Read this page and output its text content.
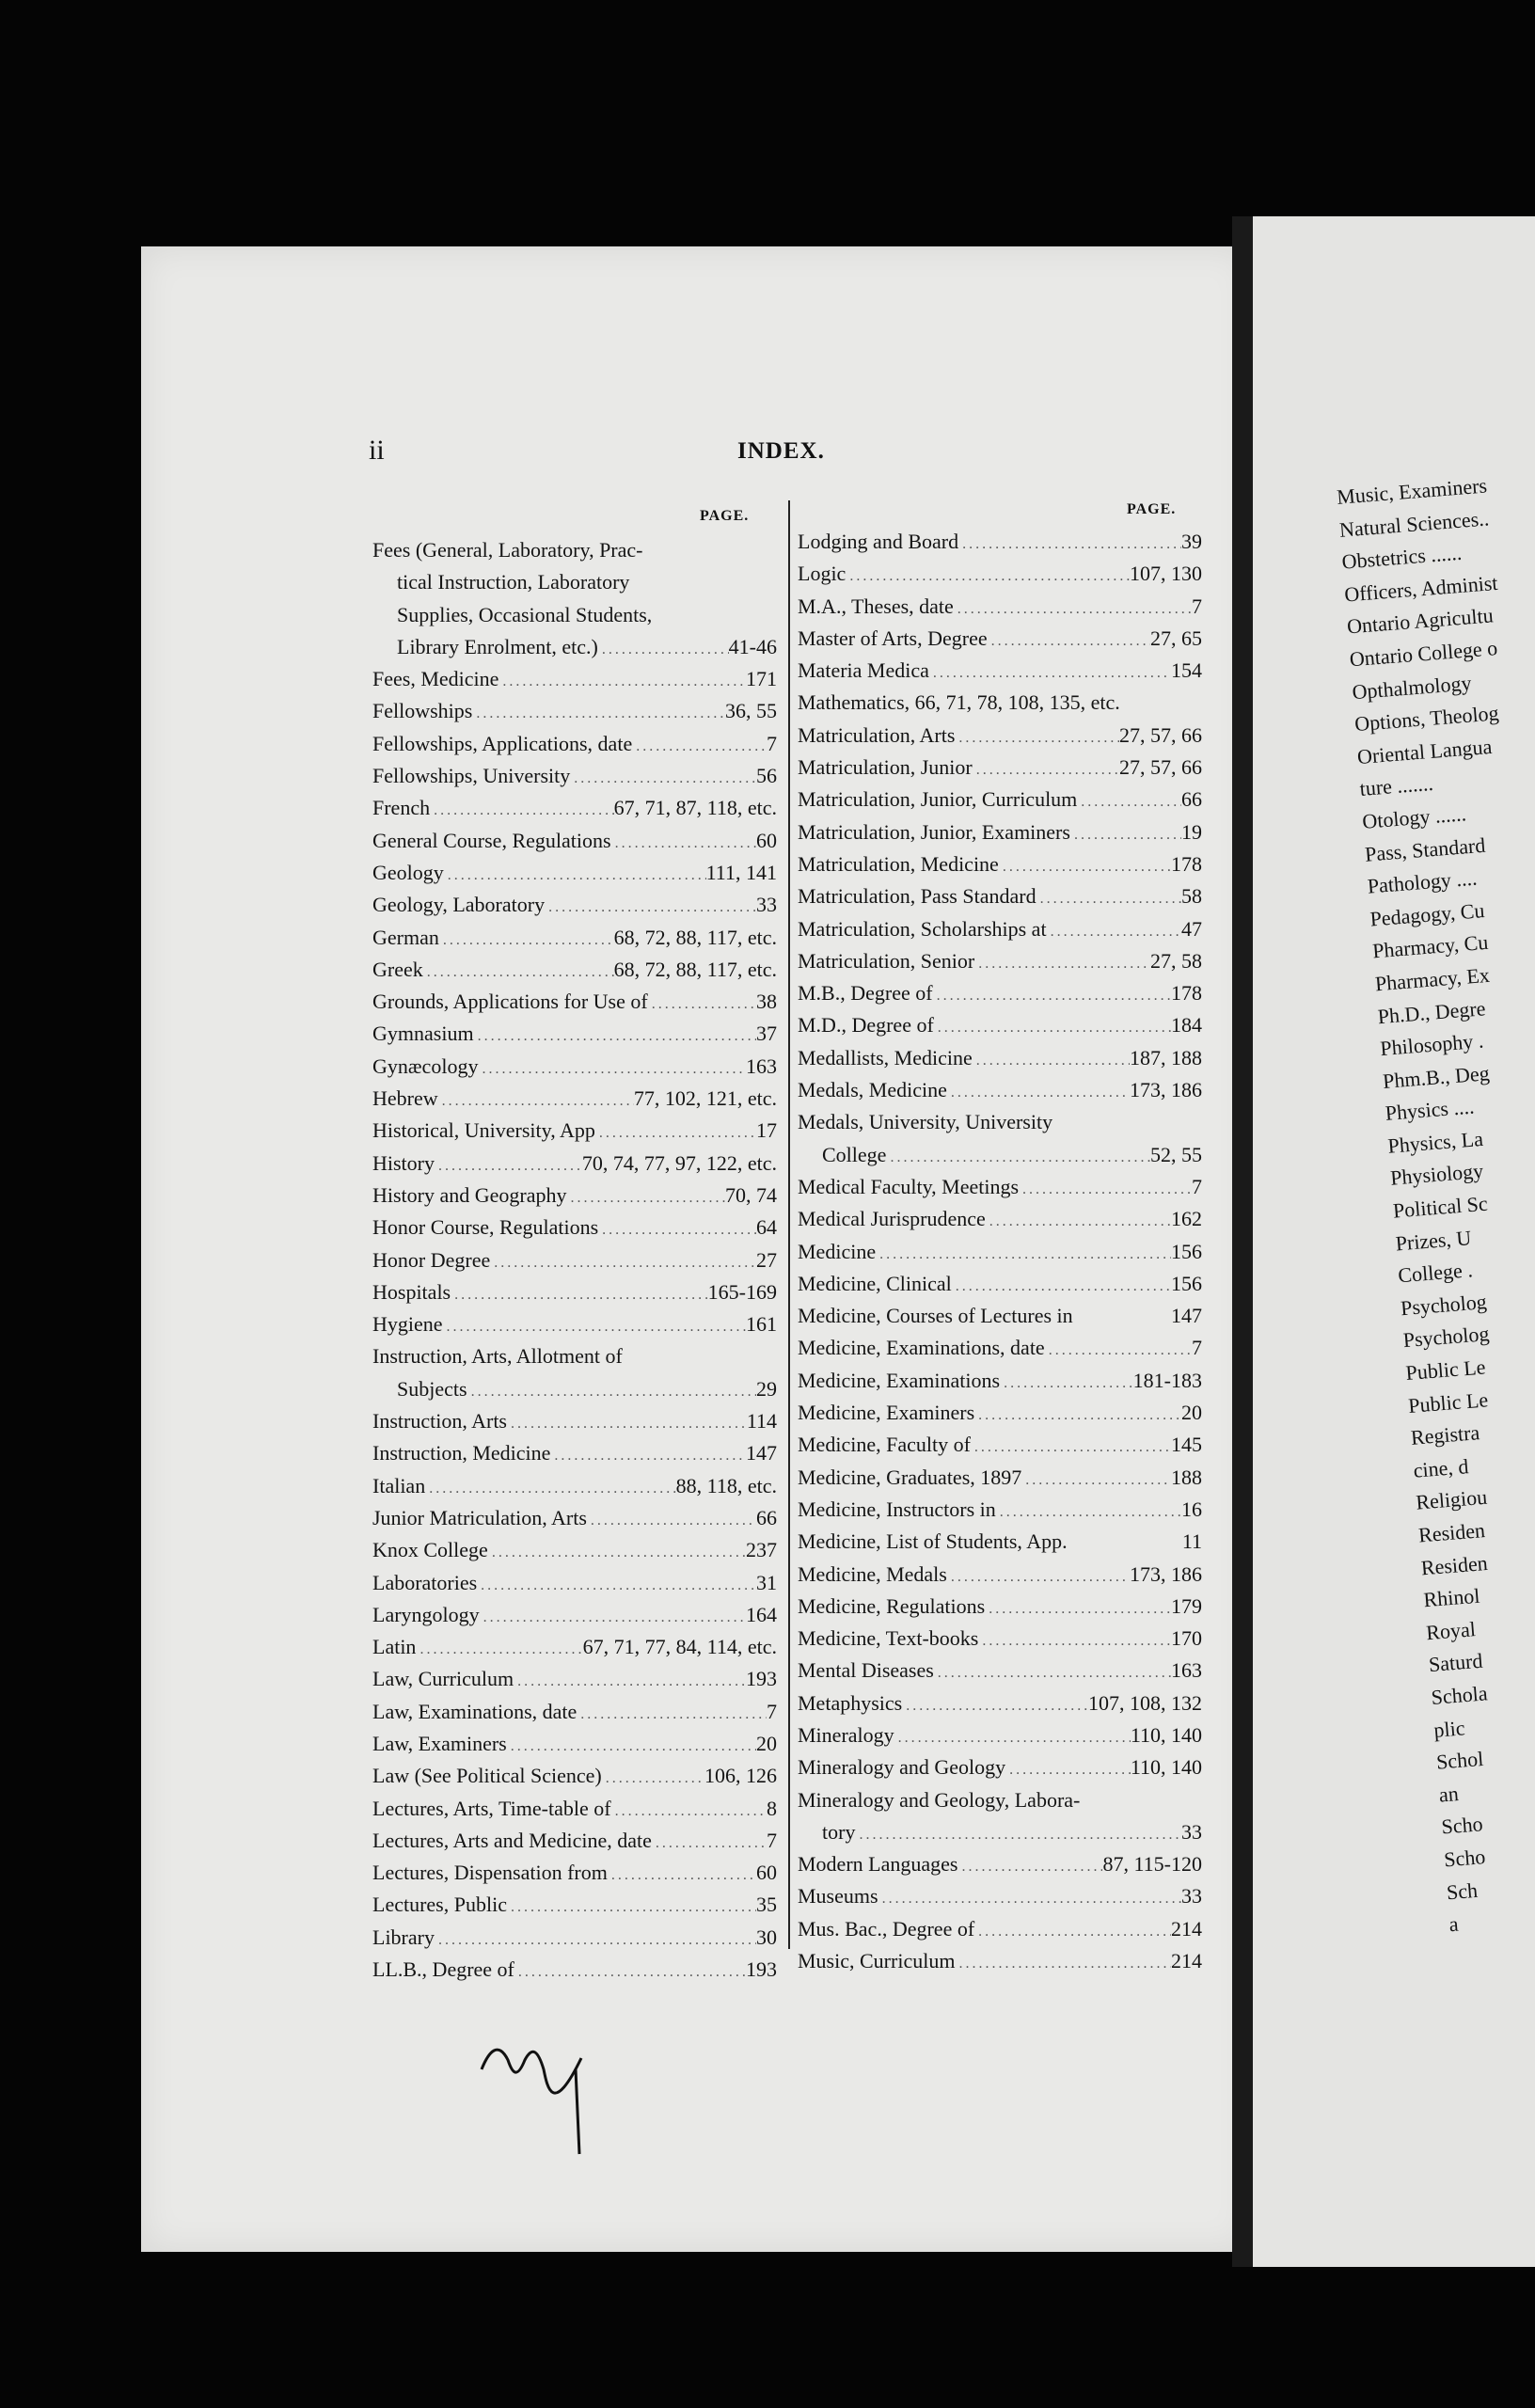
ii	INDEX.
PAGE.	PAGE.
Fees (General, Laboratory, Prac-
tical Instruction, Laboratory
Supplies, Occasional Students,
Library Enrolment, etc.) .....	41-46
Fees, Medicine .....	171
Fellowships .....	36, 55
Fellowships, Applications, date .....	7
Fellowships, University .....	56
French .....	67, 71, 87, 118, etc.
General Course, Regulations .....	60
Geology .....	111, 141
Geology, Laboratory .....	33
German .....	68, 72, 88, 117, etc.
Greek .....	68, 72, 88, 117, etc.
Grounds, Applications for Use of .....	38
Gymnasium .....	37
Gynæcology .....	163
Hebrew .....	77, 102, 121, etc.
Historical, University, App .....	17
History .....	70, 74, 77, 97, 122, etc.
History and Geography .....	70, 74
Honor Course, Regulations .....	64
Honor Degree .....	27
Hospitals .....	165-169
Hygiene .....	161
Instruction, Arts, Allotment of
Subjects .....	29
Instruction, Arts .....	114
Instruction, Medicine .....	147
Italian .....	88, 118, etc.
Junior Matriculation, Arts .....	66
Knox College .....	237
Laboratories .....	31
Laryngology .....	164
Latin .....	67, 71, 77, 84, 114, etc.
Law, Curriculum .....	193
Law, Examinations, date .....	7
Law, Examiners .....	20
Law (See Political Science) .....	106, 126
Lectures, Arts, Time-table of .....	8
Lectures, Arts and Medicine, date .....	7
Lectures, Dispensation from .....	60
Lectures, Public .....	35
Library .....	30
LL.B., Degree of .....	193
Lodging and Board .....	39
Logic .....	107, 130
M.A., Theses, date .....	7
Master of Arts, Degree .....	27, 65
Materia Medica .....	154
Mathematics, 66, 71, 78, 108, 135, etc.
Matriculation, Arts .....	27, 57, 66
Matriculation, Junior .....	27, 57, 66
Matriculation, Junior, Curriculum .....	66
Matriculation, Junior, Examiners .....	19
Matriculation, Medicine .....	178
Matriculation, Pass Standard .....	58
Matriculation, Scholarships at .....	47
Matriculation, Senior .....	27, 58
M.B., Degree of .....	178
M.D., Degree of .....	184
Medallists, Medicine .....	187, 188
Medals, Medicine .....	173, 186
Medals, University, University
College .....	52, 55
Medical Faculty, Meetings .....	7
Medical Jurisprudence .....	162
Medicine .....	156
Medicine, Clinical .....	156
Medicine, Courses of Lectures in	147
Medicine, Examinations, date .....	7
Medicine, Examinations .....	181-183
Medicine, Examiners .....	20
Medicine, Faculty of .....	145
Medicine, Graduates, 1897 .....	188
Medicine, Instructors in .....	16
Medicine, List of Students, App.	11
Medicine, Medals .....	173, 186
Medicine, Regulations .....	179
Medicine, Text-books .....	170
Mental Diseases .....	163
Metaphysics .....	107, 108, 132
Mineralogy .....	110, 140
Mineralogy and Geology .....	110, 140
Mineralogy and Geology, Labora-
tory .....	33
Modern Languages .....	87, 115-120
Museums .....	33
Mus. Bac., Degree of .....	214
Music, Curriculum .....	214
Music, Examiners
Natural Sciences..
Obstetrics ......
Officers, Administ
Ontario Agricultu
Ontario College o
Opthalmology
Options, Theolog
Oriental Langua
ture .......
Otology ......
Pass, Standard
Pathology ....
Pedagogy, Cu
Pharmacy, Cu
Pharmacy, Ex
Ph.D., Degre
Philosophy .
Phm.B., Deg
Physics ....
Physics, La
Physiology
Political Sc
Prizes, U
College .
Psycholog
Psycholog
Public Le
Public Le
Registra
cine, d
Religiou
Residen
Residen
Rhinol
Royal
Saturd
Schola
plic
Schol
an
Scho
Scho
Sch
a
